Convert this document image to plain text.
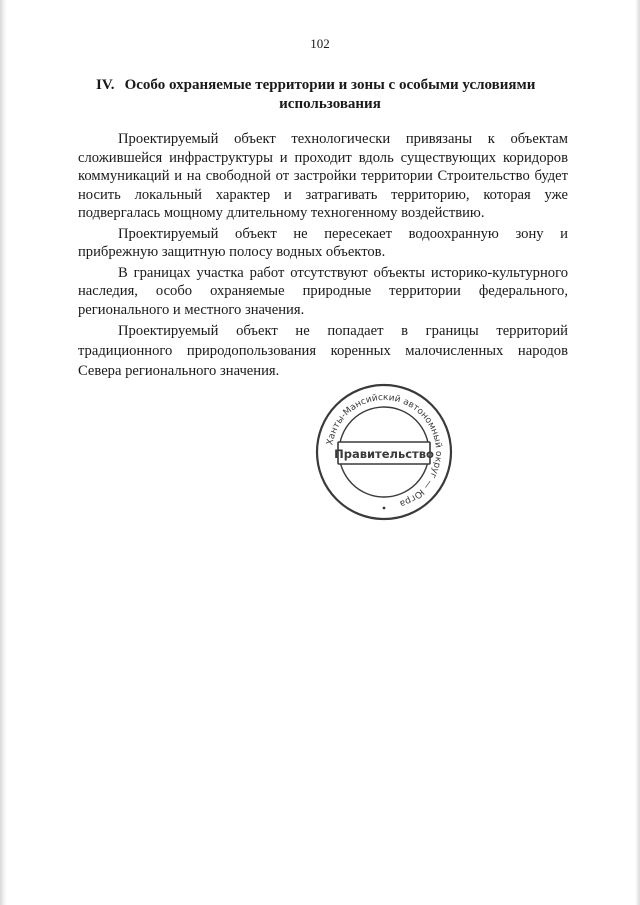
102
IV. Особо охраняемые территории и зоны с особыми условиями использования

Проектируемый объект технологически привязаны к объектам сложившейся инфраструктуры и проходит вдоль существующих коридоров коммуникаций и на свободной от застройки территории Строительство будет носить локальный характер и затрагивать территорию, которая уже подвергалась мощному длительному техногенному воздействию.

Проектируемый объект не пересекает водоохранную зону и прибрежную защитную полосу водных объектов.

В границах участка работ отсутствуют объекты историко-культурного наследия, особо охраняемые природные территории федерального, регионального и местного значения.

Проектируемый объект не попадает в границы территорий традиционного природопользования коренных малочисленных народов Севера регионального значения.

Ханты-Мансийский автономный округ — Югра
Правительство
